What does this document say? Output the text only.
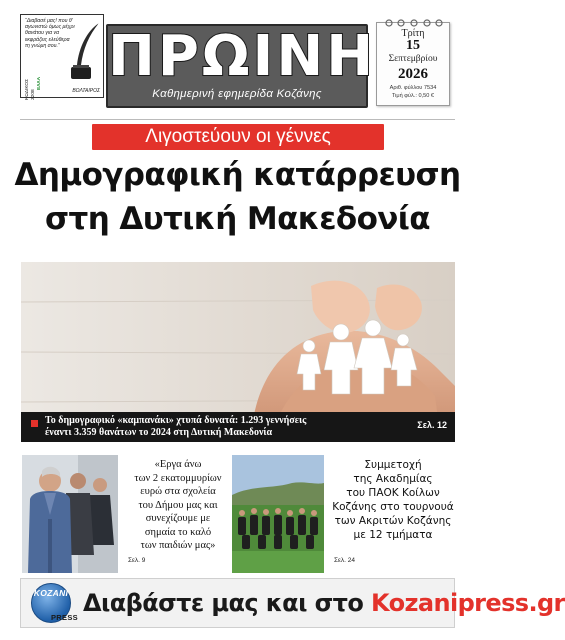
“Διαβασέ μας! που θ' αγωνιστώ όμως μέχρι θανάτου για να εκφράζεις ελεύθερα τη γνώμη σου.”
ΒΟΛΤΑΙΡΟΣ
ΚΩΔΙΚΟΣ 3208
ΕΛΛΑ ΠΡΩΙΝΗ
Καθημερινή εφημερίδα Κοζάνης
Τρίτη
15
Σεπτεμβρίου
2026
Αριθ. φύλλου 7534
Τιμή φύλ.: 0,50 €
Λιγοστεύουν οι γέννες
Δημογραφική κατάρρευση
στη Δυτική Μακεδονία
Το δημογραφικό «καμπανάκι» χτυπά δυνατά: 1.293 γεννήσεις
έναντι 3.359 θανάτων το 2024 στη Δυτική Μακεδονία
Σελ. 12
«Εργα άνω
των 2 εκατομμυρίων
ευρώ στα σχολεία
του Δήμου μας και
συνεχίζουμε με
σημαία το καλό
των παιδιών μας»
Σελ. 9
Συμμετοχή
της Ακαδημίας
του ΠΑΟΚ Κοίλων
Κοζάνης στο τουρνουά
των Ακριτών Κοζάνης
με 12 τμήματα
Σελ. 24
KOZANI
PRESS
Διαβάστε μας και στο Kozanipress.gr
